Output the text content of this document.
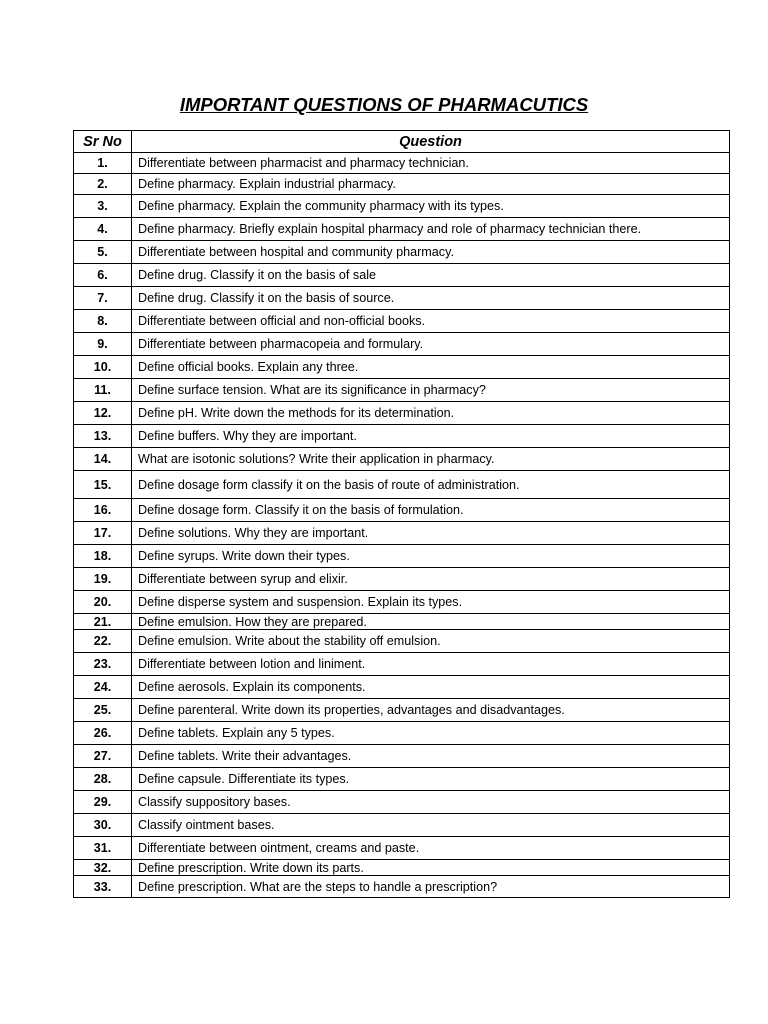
IMPORTANT QUESTIONS OF PHARMACUTICS
Sr No	Question
1.	Differentiate between pharmacist and pharmacy technician.
2.	Define pharmacy. Explain industrial pharmacy.
3.	Define pharmacy. Explain the community pharmacy with its types.
4.	Define pharmacy. Briefly explain hospital pharmacy and role of pharmacy technician there.
5.	Differentiate between hospital and community pharmacy.
6.	Define drug. Classify it on the basis of sale
7.	Define drug. Classify it on the basis of source.
8.	Differentiate between official and non-official books.
9.	Differentiate between pharmacopeia and formulary.
10.	Define official books. Explain any three.
11.	Define surface tension. What are its significance in pharmacy?
12.	Define pH. Write down the methods for its determination.
13.	Define buffers. Why they are important.
14.	What are isotonic solutions? Write their application in pharmacy.
15.	Define dosage form classify it on the basis of route of administration.
16.	Define dosage form. Classify it on the basis of formulation.
17.	Define solutions. Why they are important.
18.	Define syrups. Write down their types.
19.	Differentiate between syrup and elixir.
20.	Define disperse system and suspension. Explain its types.
21.	Define emulsion. How they are prepared.
22.	Define emulsion. Write about the stability off emulsion.
23.	Differentiate between lotion and liniment.
24.	Define aerosols. Explain its components.
25.	Define parenteral. Write down its properties, advantages and disadvantages.
26.	Define tablets. Explain any 5 types.
27.	Define tablets. Write their advantages.
28.	Define capsule. Differentiate its types.
29.	Classify suppository bases.
30.	Classify ointment bases.
31.	Differentiate between ointment, creams and paste.
32.	Define prescription. Write down its parts.
33.	Define prescription. What are the steps to handle a prescription?
